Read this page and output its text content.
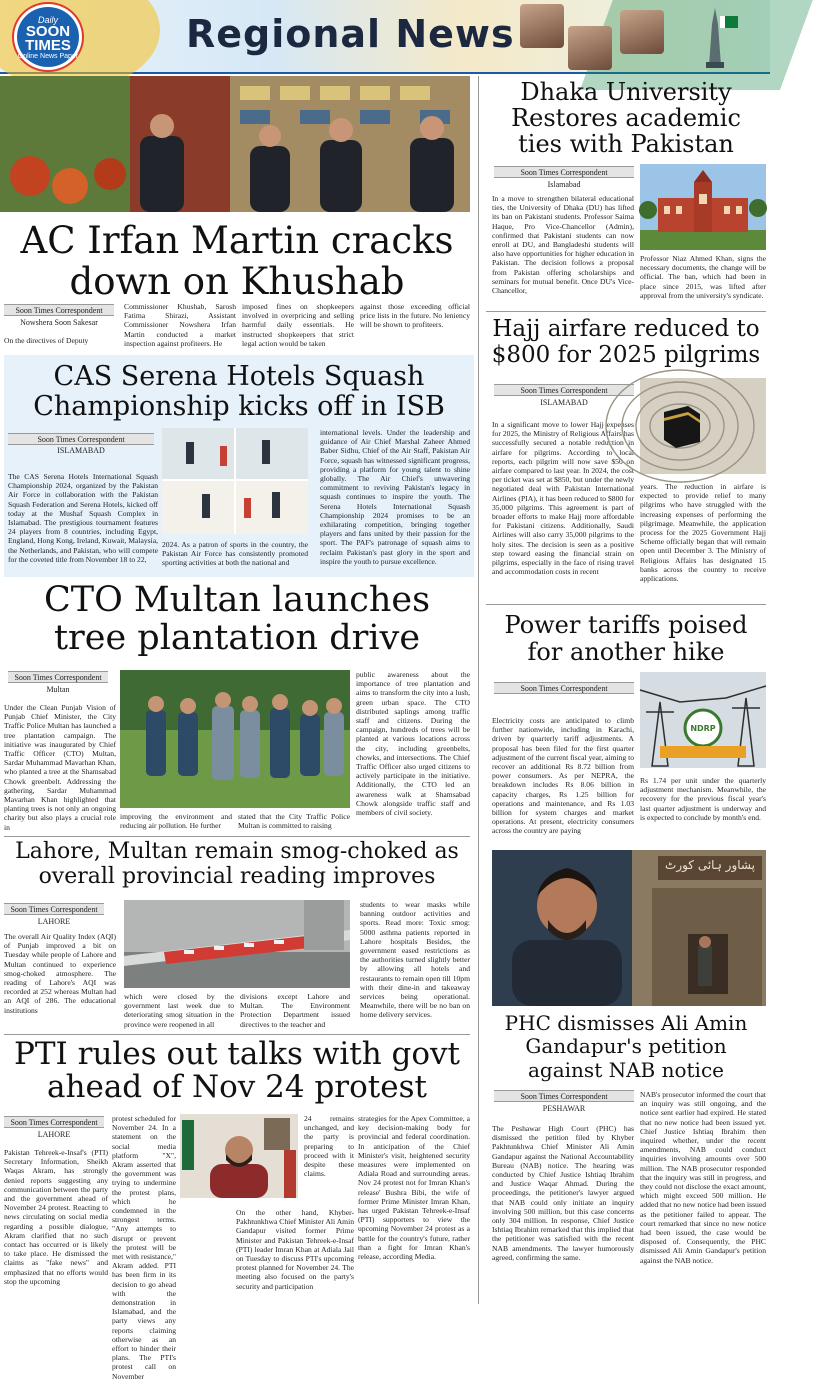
Daily
SOON
TIMES
Online News Paper
Regional News
AC Irfan Martin cracks down on Khushab
Soon Times Correspondent
Nowshera Soon Sakesar
On the directives of Deputy
Commissioner Khushab, Sarosh Fatima Shirazi, Assistant Commissioner Nowshera Irfan Martin conducted a market inspection against profiteers. He
imposed fines on shopkeepers involved in overpricing and selling harmful daily essentials. He instructed shopkeepers that strict legal action would be taken
against those exceeding official price lists in the future. No leniency will be shown to profiteers.
CAS Serena Hotels Squash Championship kicks off in ISB
Soon Times Correspondent
ISLAMABAD
The CAS Serena Hotels International Squash Championship 2024, organized by the Pakistan Air Force in collaboration with the Pakistan Squash Federation and Serena Hotels, kicked off today at the Mushaf Squash Complex in Islamabad. The prestigious tournament features 24 players from 8 countries, including Egypt, England, Hong Kong, Ireland, Kuwait, Malaysia, the Netherlands, and Pakistan, who will compete for the coveted title from November 18 to 22,
2024. As a patron of sports in the country, the Pakistan Air Force has consistently promoted sporting activities at both the national and
international levels. Under the leadership and guidance of Air Chief Marshal Zaheer Ahmed Baber Sidhu, Chief of the Air Staff, Pakistan Air Force, squash has witnessed significant progress, providing a platform for young talent to shine globally. The Air Chief's unwavering commitment to reviving Pakistan's legacy in squash continues to inspire the youth. The Serena Hotels International Squash Championship 2024 promises to be an exhilarating competition, bringing together players and fans united by their passion for the sport. The PAF's patronage of squash aims to reclaim Pakistan's past glory in the sport and inspire the youth to pursue excellence.
CTO Multan launches tree plantation drive
Soon Times Correspondent
Multan
Under the Clean Punjab Vision of Punjab Chief Minister, the City Traffic Police Multan has launched a tree plantation campaign. The initiative was inaugurated by Chief Traffic Officer (CTO) Multan, Sardar Muhammad Mavarhan Khan, who planted a tree at the Shamsabad Chowk greenbelt. Addressing the gathering, Sardar Muhammad Mavarhan Khan highlighted that planting trees is not only an ongoing charity but also plays a crucial role in
improving the environment and reducing air pollution. He further
stated that the City Traffic Police Multan is committed to raising
public awareness about the importance of tree plantation and aims to transform the city into a lush, green urban space. The CTO distributed saplings among traffic staff and citizens. During the campaign, hundreds of trees will be planted at various locations across the city, including greenbelts, chowks, and intersections. The Chief Traffic Officer also urged citizens to actively participate in the initiative. Additionally, the CTO led an awareness walk at Shamsabad Chowk alongside traffic staff and members of civil society.
Lahore, Multan remain smog-choked as overall provincial reading improves
Soon Times Correspondent
LAHORE
The overall Air Quality Index (AQI) of Punjab improved a bit on Tuesday while people of Lahore and Multan continued to experience smog-choked atmosphere. The reading of Lahore's AQI was recorded at 252 whereas Multan had an AQI of 286. The educational institutions
which were closed by the government last week due to deteriorating smog situation in the province were reopened in all
divisions except Lahore and Multan. The Environment Protection Department issued directives to the teacher and
students to wear masks while banning outdoor activities and sports. Read more: Toxic smog: 5000 asthma patients reported in Lahore hospitals Besides, the government eased restrictions as the authorities turned slightly better by allowing all hotels and restaurants to remain open till 10pm with their dine-in and takeaway services being operational. Meanwhile, there will be no ban on home delivery services.
PTI rules out talks with govt ahead of Nov 24 protest
Soon Times Correspondent
LAHORE
Pakistan Tehreek-e-Insaf's (PTI) Secretary Information, Sheikh Waqas Akram, has strongly denied reports suggesting any communication between the party and the government ahead of November 24 protest. Reacting to news circulating on social media regarding a possible dialogue, Akram clarified that no such contact has occurred or is likely to take place. He dismissed the claims as "fake news" and emphasized that no efforts would stop the upcoming
protest scheduled for November 24. In a statement on the social media platform "X", Akram asserted that the government was trying to undermine the protest plans, which he condemned in the strongest terms. "Any attempts to disrupt or prevent the protest will be met with resistance," Akram added. PTI has been firm in its decision to go ahead with the demonstration in Islamabad, and the party views any reports claiming otherwise as an effort to hinder their plans. The PTI's protest call on November
24 remains unchanged, and the party is preparing to proceed with it despite these claims.
On the other hand, Khyber-Pakhtunkhwa Chief Minister Ali Amin Gandapur visited former Prime Minister and Pakistan Tehreek-e-Insaf (PTI) leader Imran Khan at Adiala Jail on Tuesday to discuss PTI's upcoming protest planned for November 24. The meeting also focused on the party's security and participation
strategies for the Apex Committee, a key decision-making body for provincial and federal coordination. In anticipation of the Chief Minister's visit, heightened security measures were implemented on Adiala Road and surrounding areas. Nov 24 protest not for Imran Khan's release' Bushra Bibi, the wife of former Prime Minister Imran Khan, has urged Pakistan Tehreek-e-Insaf (PTI) supporters to view the upcoming November 24 protest as a battle for the country's future, rather than a fight for Imran Khan's release, according Media.
Dhaka University Restores academic ties with Pakistan
Soon Times Correspondent
Islamabad
In a move to strengthen bilateral educational ties, the University of Dhaka (DU) has lifted its ban on Pakistani students. Professor Saima Haque, Pro Vice-Chancellor (Admin), confirmed that Pakistani students can now enroll at DU, and Bangladeshi students will also have opportunities for higher education in Pakistan. The decision follows a proposal from Pakistan offering scholarships and seminars for mutual benefit. Once DU's Vice-Chancellor,
Professor Niaz Ahmed Khan, signs the necessary documents, the change will be official. The ban, which had been in place since 2015, was lifted after approval from the university's syndicate.
Hajj airfare reduced to $800 for 2025 pilgrims
Soon Times Correspondent
ISLAMABAD
In a significant move to lower Hajj expenses for 2025, the Ministry of Religious Affairs has successfully secured a notable reduction in airfare for pilgrims. According to local reports, each pilgrim will now save $50 on airfare compared to last year. In 2024, the cost per ticket was set at $850, but under the newly negotiated deal with Pakistan International Airlines (PIA), it has been reduced to $800 for 35,000 pilgrims. This agreement is part of broader efforts to make Hajj more affordable for Pakistani citizens. Additionally, Saudi Airlines will also carry 35,000 pilgrims to the holy sites. The decision is seen as a positive step toward easing the financial strain on pilgrims, especially in the face of rising travel and accommodation costs in recent
years. The reduction in airfare is expected to provide relief to many pilgrims who have struggled with the increasing expenses of performing the pilgrimage. Meanwhile, the application process for the 2025 Government Hajj Scheme officially began that will remain open until December 3. The Ministry of Religious Affairs has designated 15 banks across the country to receive applications.
Power tariffs poised for another hike
Soon Times Correspondent
Electricity costs are anticipated to climb further nationwide, including in Karachi, driven by quarterly tariff adjustments. A proposal has been filed for the first quarter adjustment of the current fiscal year, aiming to recover an additional Rs 8.72 billion from power consumers. As per NEPRA, the breakdown includes Rs 8.06 billion in capacity charges, Rs 1.25 billion for operations and maintenance, and Rs 1.03 billion for system charges and market operations. At present, electricity consumers across the country are paying
NDRP
Rs 1.74 per unit under the quarterly adjustment mechanism. Meanwhile, the recovery for the previous fiscal year's last quarter adjustment is underway and is expected to conclude by month's end.
پشاور ہائی کورٹ
PHC dismisses Ali Amin Gandapur's petition against NAB notice
Soon Times Correspondent
PESHAWAR
The Peshawar High Court (PHC) has dismissed the petition filed by Khyber Pakhtunkhwa Chief Minister Ali Amin Gandapur against the National Accountability Bureau (NAB) notice. The hearing was conducted by Chief Justice Ishtiaq Ibrahim and Justice Waqar Ahmad. During the proceedings, the petitioner's lawyer argued that NAB could only initiate an inquiry involving 500 million, but this case concerns only 304 million. In response, Chief Justice Ishtiaq Ibrahim remarked that this implied that the petitioner was satisfied with the recent NAB amendments. The lawyer humorously agreed, confirming the same.
NAB's prosecutor informed the court that an inquiry was still ongoing, and the notice sent earlier had expired. He stated that no new notice had been issued yet. Chief Justice Ishtiaq Ibrahim then inquired whether, under the recent amendments, NAB could conduct inquiries involving amounts over 500 million. The NAB prosecutor responded that the inquiry was still in progress, and they could not disclose the exact amount, which might exceed 500 million. He added that no new notice had been issued as the petitioner failed to appear. The court remarked that since no new notice had been issued, the case would be disposed of. Consequently, the PHC dismissed Ali Amin Gandapur's petition against the NAB notice.
